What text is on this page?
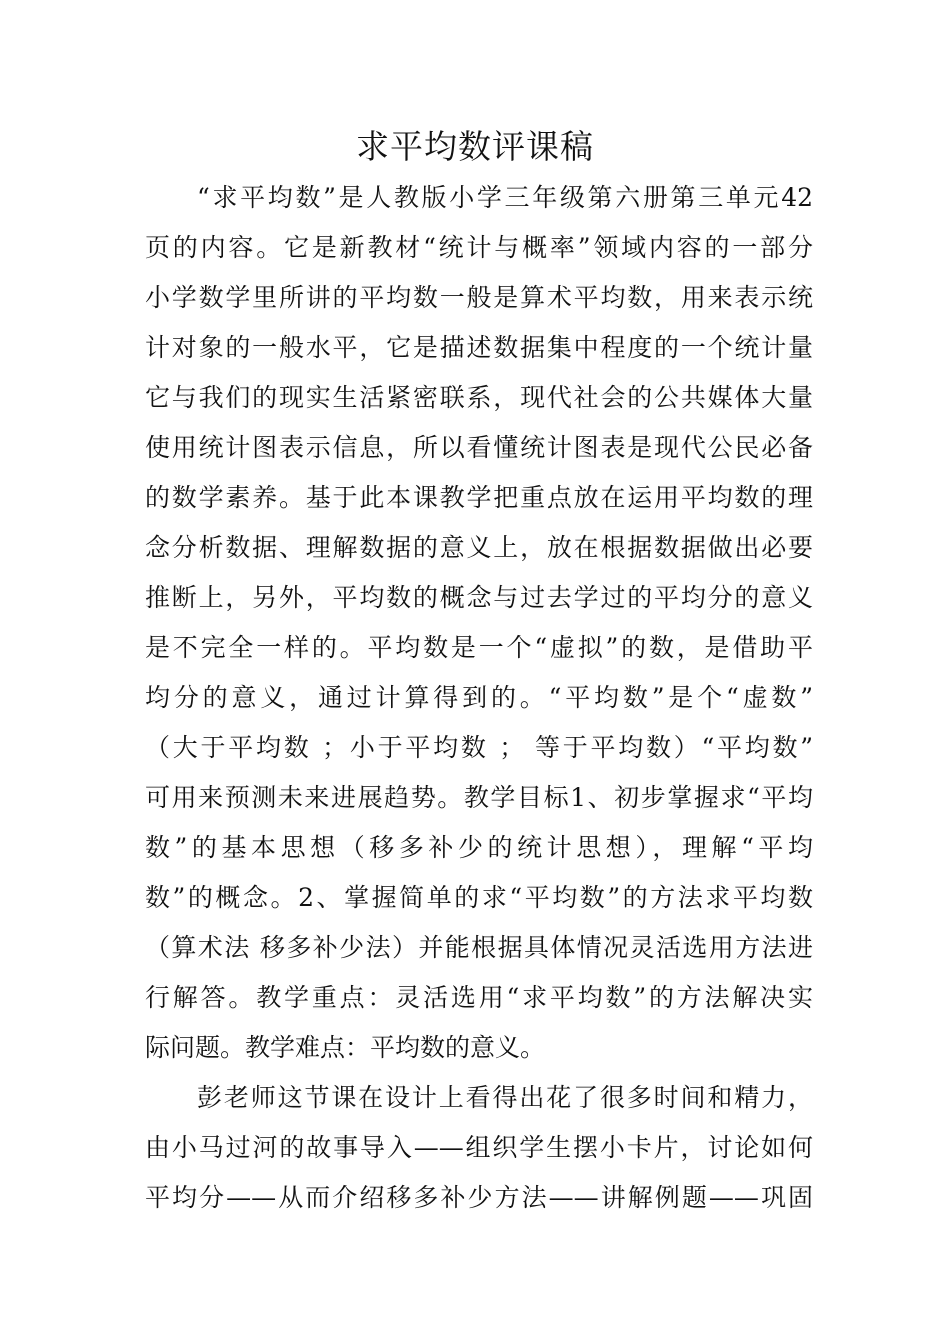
求平均数评课稿

“求平均数”是人教版小学三年级第六册第三单元42

页的内容。它是新教材“统计与概率”领域内容的一部分

小学数学里所讲的平均数一般是算术平均数，用来表示统

计对象的一般水平，它是描述数据集中程度的一个统计量

它与我们的现实生活紧密联系，现代社会的公共媒体大量

使用统计图表示信息，所以看懂统计图表是现代公民必备

的数学素养。基于此本课教学把重点放在运用平均数的理

念分析数据、理解数据的意义上，放在根据数据做出必要

推断上，另外，平均数的概念与过去学过的平均分的意义

是不完全一样的。平均数是一个“虚拟”的数，是借助平

均分的意义，通过计算得到的。“平均数”是个“虚数”

（大于平均数 ；小于平均数 ； 等于平均数）“平均数”

可用来预测未来进展趋势。教学目标1、初步掌握求“平均

数”的基本思想（移多补少的统计思想），理解“平均

数”的概念。2、掌握简单的求“平均数”的方法求平均数

（算术法 移多补少法）并能根据具体情况灵活选用方法进

行解答。教学重点：灵活选用“求平均数”的方法解决实

际问题。教学难点：平均数的意义。

彭老师这节课在设计上看得出花了很多时间和精力，

由小马过河的故事导入——组织学生摆小卡片，讨论如何

平均分——从而介绍移多补少方法——讲解例题——巩固
